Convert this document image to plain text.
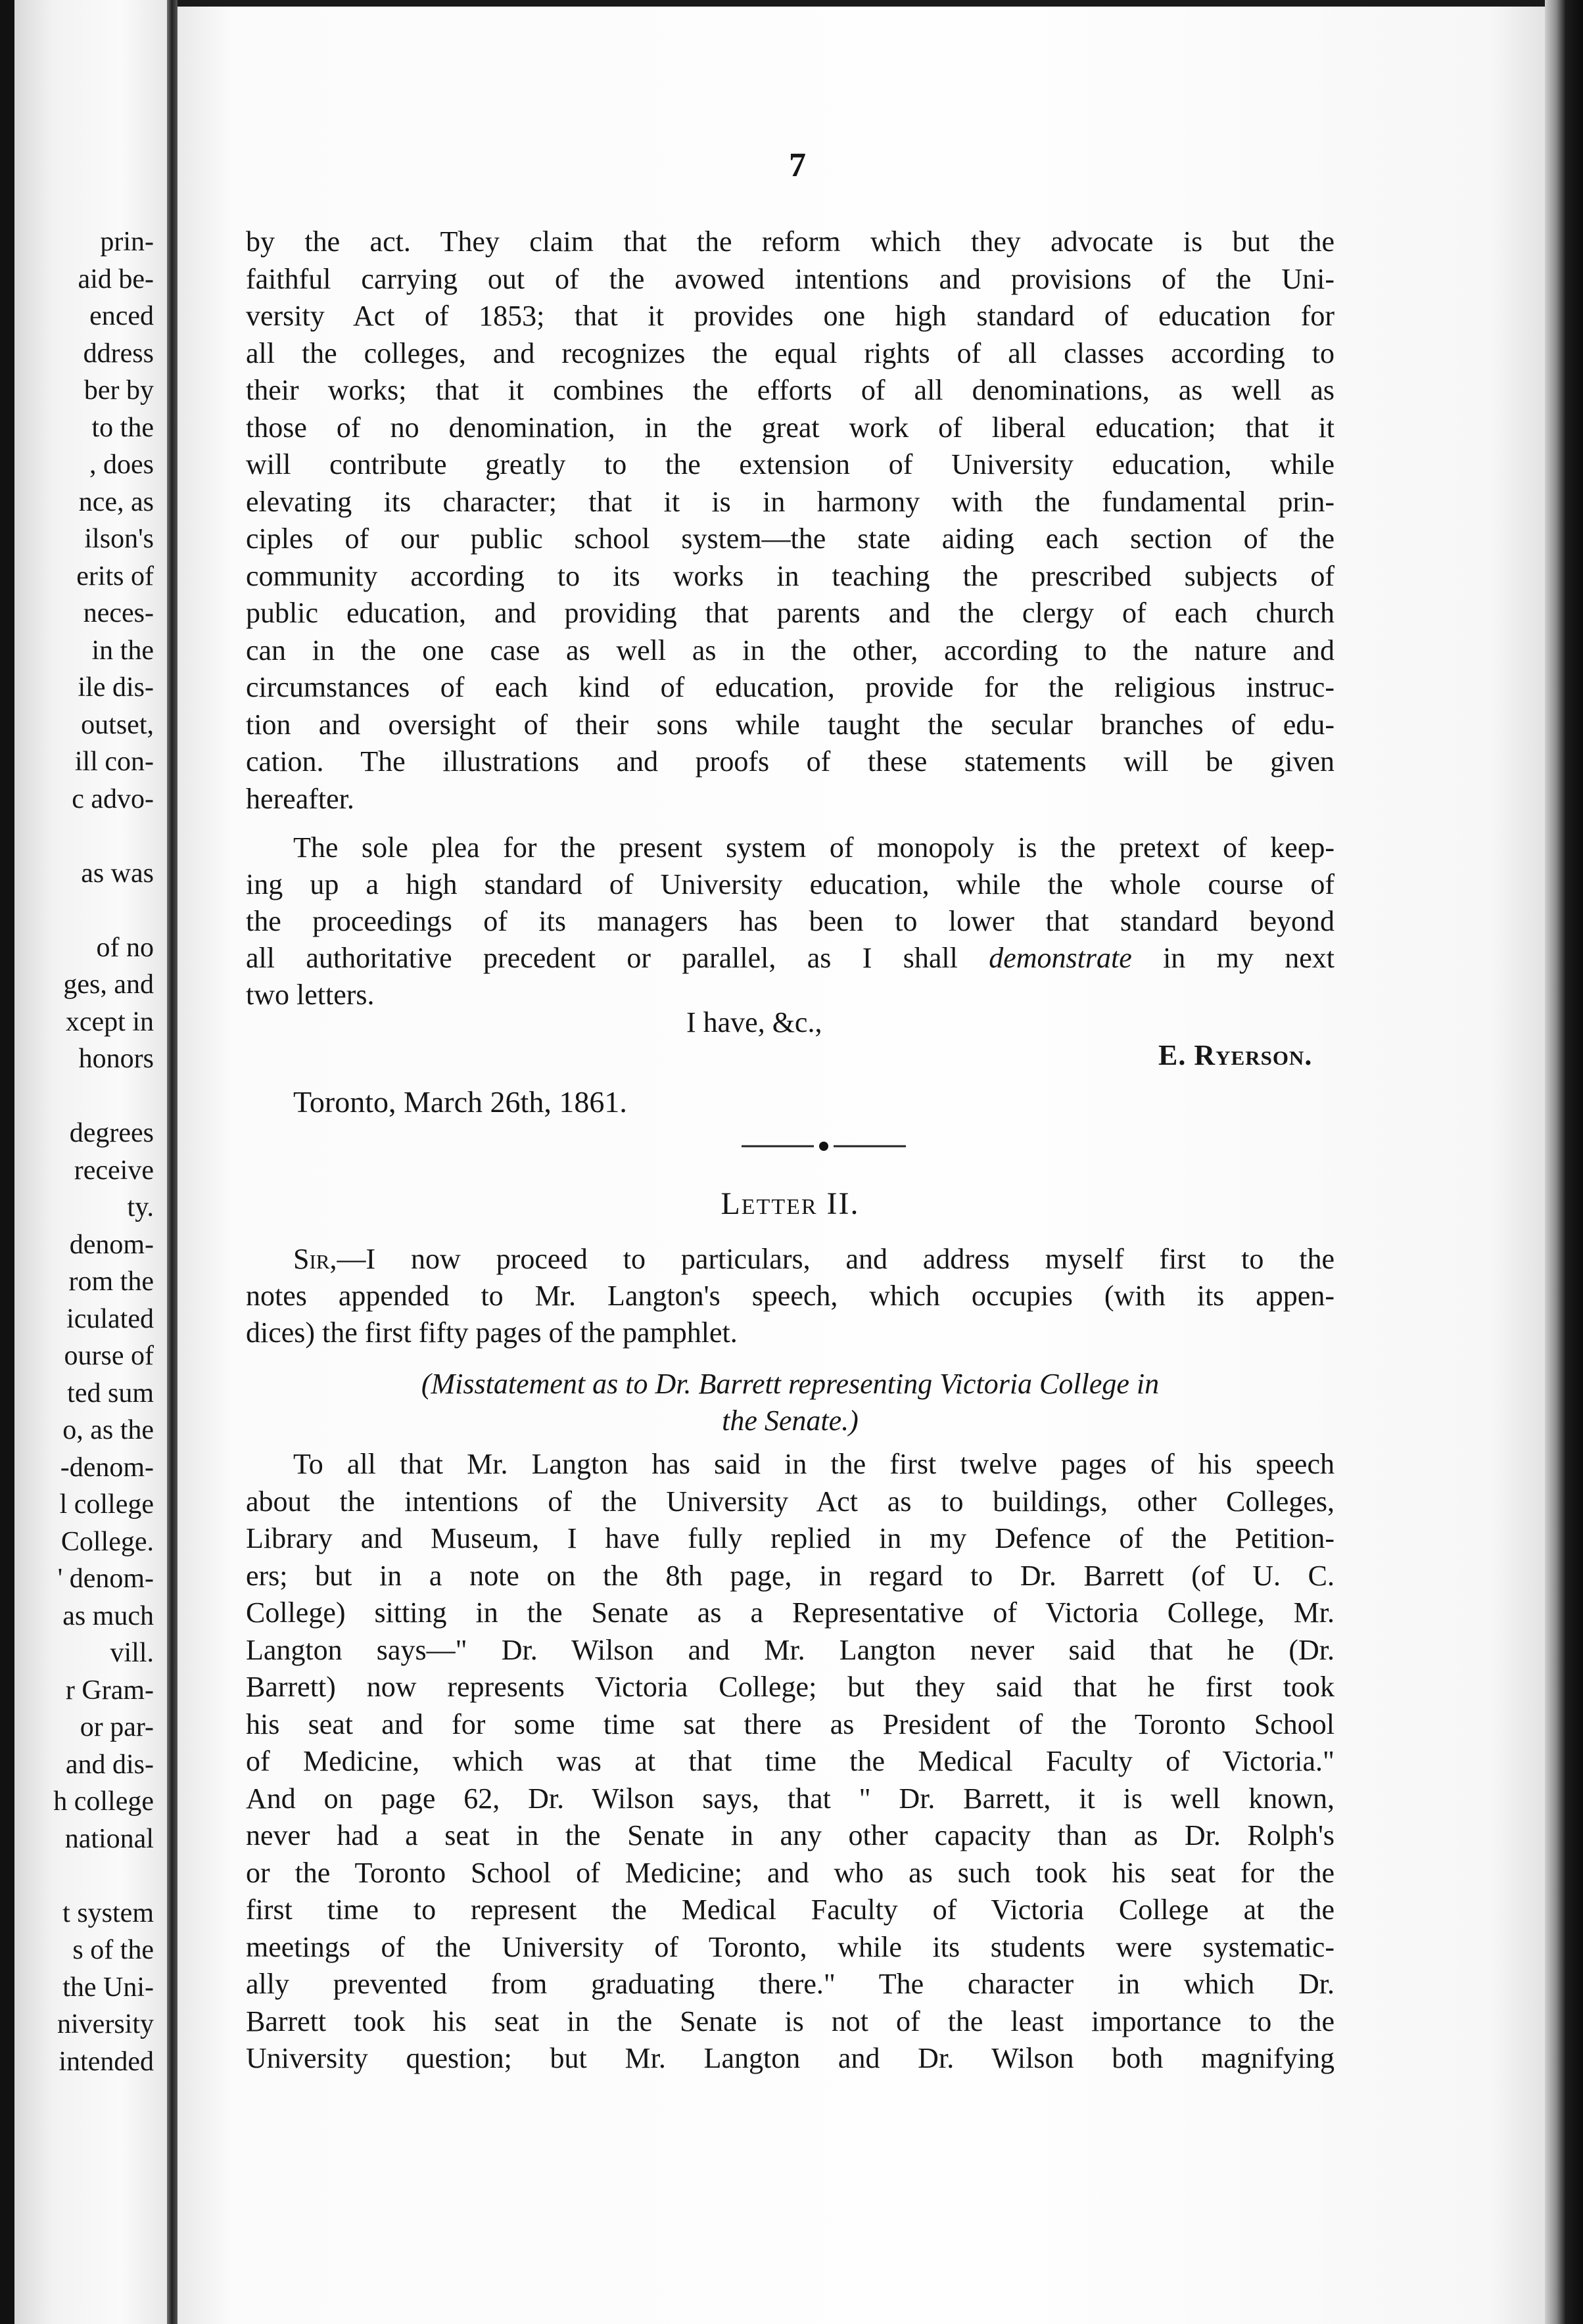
prin-
aid be-
enced
ddress
ber by
to the
, does
nce, as
ilson's
erits of
neces-
in the
ile dis-
outset,
ill con-
c advo-
as was
of no
ges, and
xcept in
honors
degrees
receive
ty.
denom-
rom the
iculated
ourse of
ted sum
o, as the
-denom-
l college
College.
' denom-
as much
vill.
r Gram-
or par-
and dis-
h college
national
t system
s of the
the Uni-
niversity
intended
7
by the act. They claim that the reform which they advocate is but the
faithful carrying out of the avowed intentions and provisions of the Uni-
versity Act of 1853; that it provides one high standard of education for
all the colleges, and recognizes the equal rights of all classes according to
their works; that it combines the efforts of all denominations, as well as
those of no denomination, in the great work of liberal education; that it
will contribute greatly to the extension of University education, while
elevating its character; that it is in harmony with the fundamental prin-
ciples of our public school system—the state aiding each section of the
community according to its works in teaching the prescribed subjects of
public education, and providing that parents and the clergy of each church
can in the one case as well as in the other, according to the nature and
circumstances of each kind of education, provide for the religious instruc-
tion and oversight of their sons while taught the secular branches of edu-
cation. The illustrations and proofs of these statements will be given
hereafter.
The sole plea for the present system of monopoly is the pretext of keep-
ing up a high standard of University education, while the whole course of
the proceedings of its managers has been to lower that standard beyond
all authoritative precedent or parallel, as I shall demonstrate in my next
two letters.
I have, &c.,
E. Ryerson.
Toronto, March 26th, 1861.
Letter II.
Sir,—I now proceed to particulars, and address myself first to the
notes appended to Mr. Langton's speech, which occupies (with its appen-
dices) the first fifty pages of the pamphlet.
(Misstatement as to Dr. Barrett representing Victoria College in
the Senate.)
To all that Mr. Langton has said in the first twelve pages of his speech
about the intentions of the University Act as to buildings, other Colleges,
Library and Museum, I have fully replied in my Defence of the Petition-
ers; but in a note on the 8th page, in regard to Dr. Barrett (of U. C.
College) sitting in the Senate as a Representative of Victoria College, Mr.
Langton says—" Dr. Wilson and Mr. Langton never said that he (Dr.
Barrett) now represents Victoria College; but they said that he first took
his seat and for some time sat there as President of the Toronto School
of Medicine, which was at that time the Medical Faculty of Victoria."
And on page 62, Dr. Wilson says, that " Dr. Barrett, it is well known,
never had a seat in the Senate in any other capacity than as Dr. Rolph's
or the Toronto School of Medicine; and who as such took his seat for the
first time to represent the Medical Faculty of Victoria College at the
meetings of the University of Toronto, while its students were systematic-
ally prevented from graduating there." The character in which Dr.
Barrett took his seat in the Senate is not of the least importance to the
University question; but Mr. Langton and Dr. Wilson both magnifying
